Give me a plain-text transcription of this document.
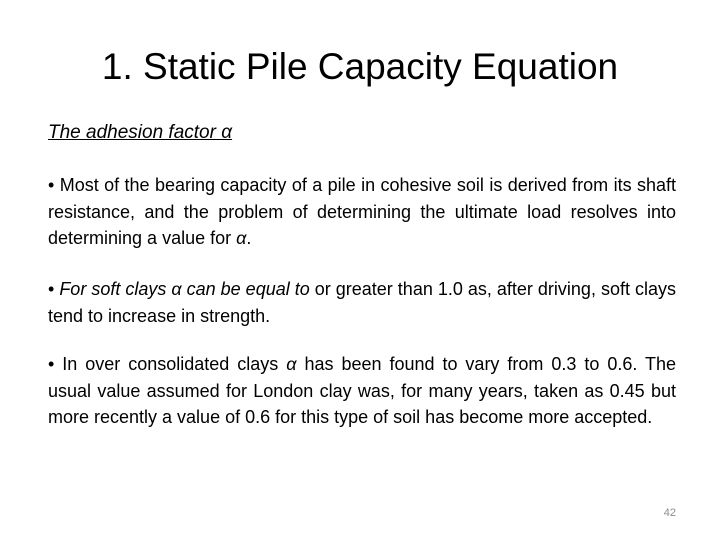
1. Static Pile Capacity Equation
The adhesion factor α

• Most of the bearing capacity of a pile in cohesive soil is derived from its shaft resistance, and the problem of determining the ultimate load resolves into determining a value for α.

• For soft clays α can be equal to or greater than 1.0 as, after driving, soft clays tend to increase in strength.

• In over consolidated clays α has been found to vary from 0.3 to 0.6. The usual value assumed for London clay was, for many years, taken as 0.45 but more recently a value of 0.6 for this type of soil has become more accepted.

42
